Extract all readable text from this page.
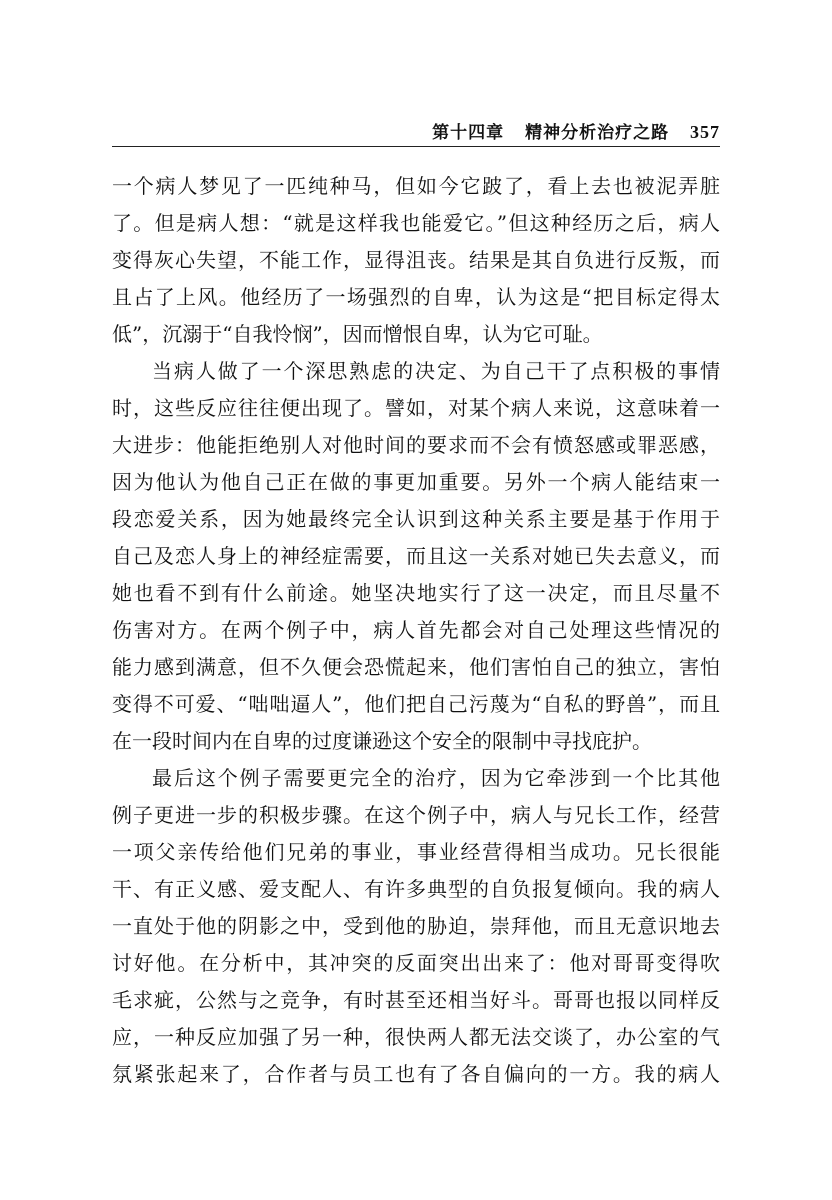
第十四章 精神分析治疗之路 357
一个病人梦见了一匹纯种马，但如今它跛了，看上去也被泥弄脏
了。但是病人想：“就是这样我也能爱它。”但这种经历之后，病人
变得灰心失望，不能工作，显得沮丧。结果是其自负进行反叛，而
且占了上风。他经历了一场强烈的自卑，认为这是“把目标定得太
低”，沉溺于“自我怜悯”，因而憎恨自卑，认为它可耻。
当病人做了一个深思熟虑的决定、为自己干了点积极的事情
时，这些反应往往便出现了。譬如，对某个病人来说，这意味着一
大进步：他能拒绝别人对他时间的要求而不会有愤怒感或罪恶感，
因为他认为他自己正在做的事更加重要。另外一个病人能结束一
段恋爱关系，因为她最终完全认识到这种关系主要是基于作用于
自己及恋人身上的神经症需要，而且这一关系对她已失去意义，而
她也看不到有什么前途。她坚决地实行了这一决定，而且尽量不
伤害对方。在两个例子中，病人首先都会对自己处理这些情况的
能力感到满意，但不久便会恐慌起来，他们害怕自己的独立，害怕
变得不可爱、“咄咄逼人”，他们把自己污蔑为“自私的野兽”，而且
在一段时间内在自卑的过度谦逊这个安全的限制中寻找庇护。
最后这个例子需要更完全的治疗，因为它牵涉到一个比其他
例子更进一步的积极步骤。在这个例子中，病人与兄长工作，经营
一项父亲传给他们兄弟的事业，事业经营得相当成功。兄长很能
干、有正义感、爱支配人、有许多典型的自负报复倾向。我的病人
一直处于他的阴影之中，受到他的胁迫，崇拜他，而且无意识地去
讨好他。在分析中，其冲突的反面突出出来了：他对哥哥变得吹
毛求疵，公然与之竞争，有时甚至还相当好斗。哥哥也报以同样反
应，一种反应加强了另一种，很快两人都无法交谈了，办公室的气
氛紧张起来了，合作者与员工也有了各自偏向的一方。我的病人
